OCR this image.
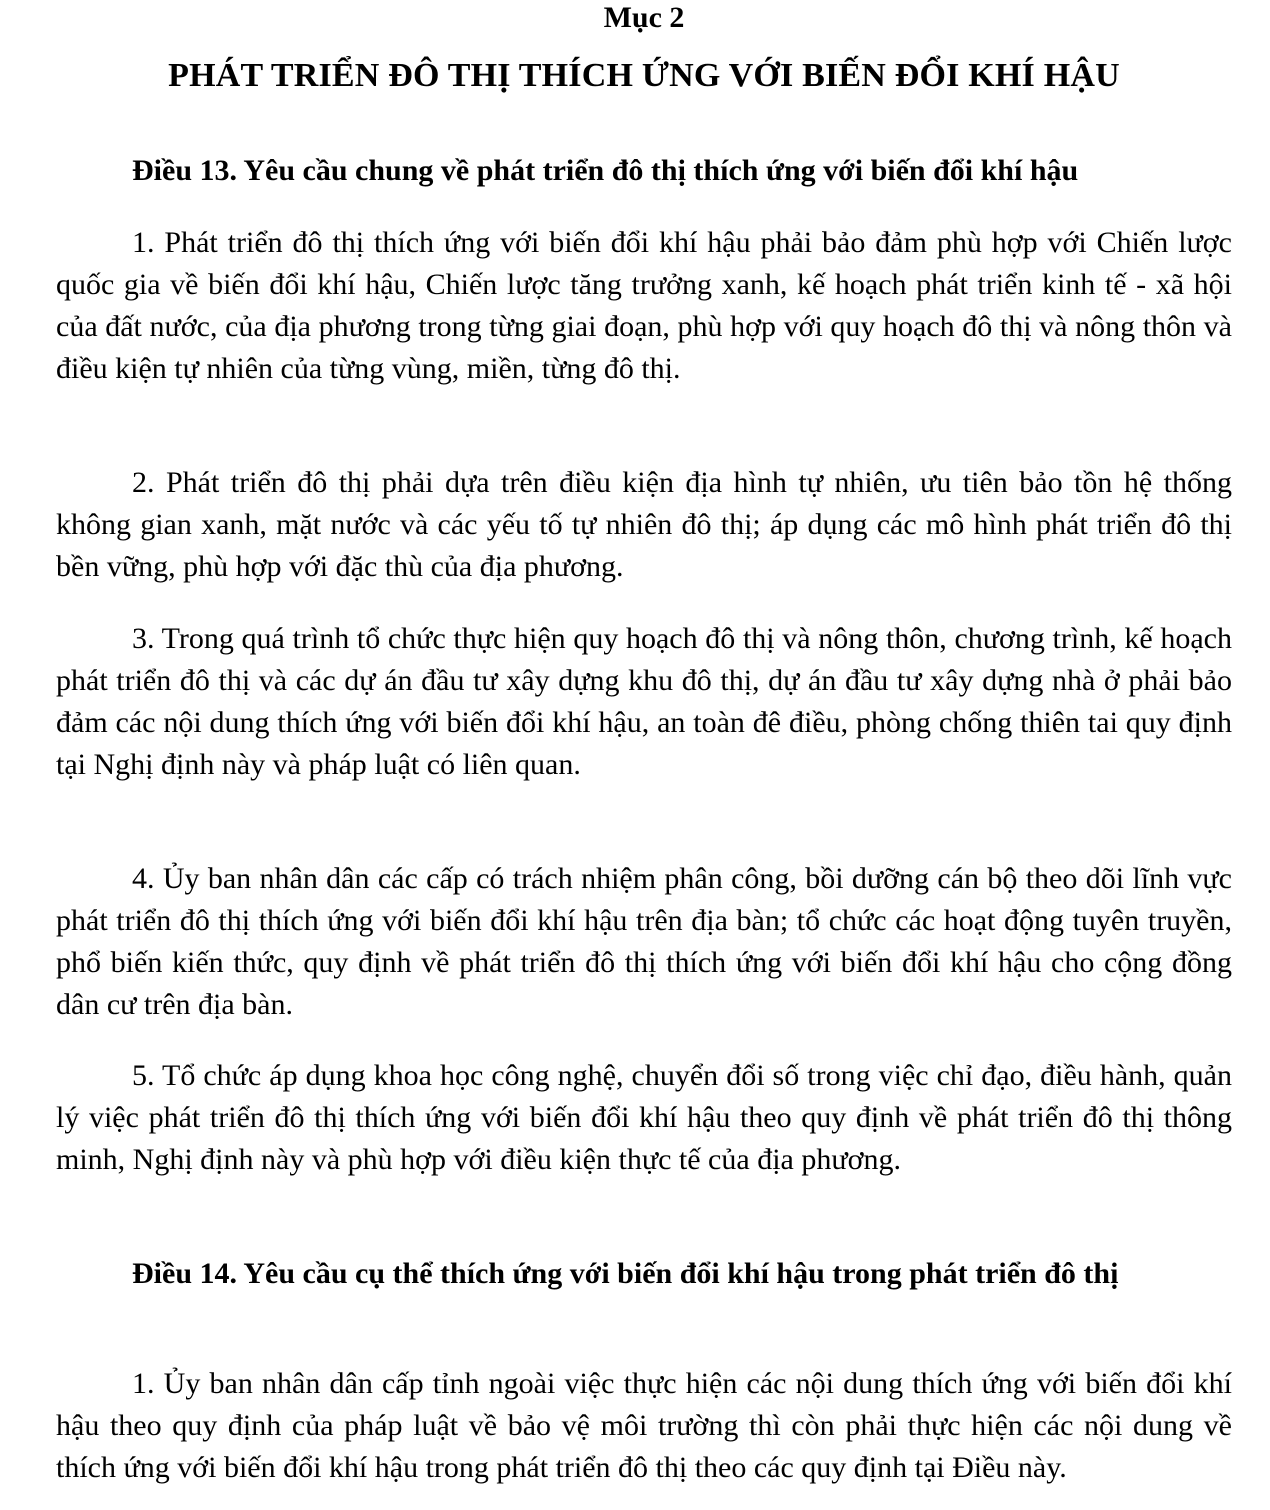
Mục 2
PHÁT TRIỂN ĐÔ THỊ THÍCH ỨNG VỚI BIẾN ĐỔI KHÍ HẬU

Điều 13. Yêu cầu chung về phát triển đô thị thích ứng với biến đổi khí hậu

1. Phát triển đô thị thích ứng với biến đổi khí hậu phải bảo đảm phù hợp với Chiến lược quốc gia về biến đổi khí hậu, Chiến lược tăng trưởng xanh, kế hoạch phát triển kinh tế - xã hội của đất nước, của địa phương trong từng giai đoạn, phù hợp với quy hoạch đô thị và nông thôn và điều kiện tự nhiên của từng vùng, miền, từng đô thị.

2. Phát triển đô thị phải dựa trên điều kiện địa hình tự nhiên, ưu tiên bảo tồn hệ thống không gian xanh, mặt nước và các yếu tố tự nhiên đô thị; áp dụng các mô hình phát triển đô thị bền vững, phù hợp với đặc thù của địa phương.

3. Trong quá trình tổ chức thực hiện quy hoạch đô thị và nông thôn, chương trình, kế hoạch phát triển đô thị và các dự án đầu tư xây dựng khu đô thị, dự án đầu tư xây dựng nhà ở phải bảo đảm các nội dung thích ứng với biến đổi khí hậu, an toàn đê điều, phòng chống thiên tai quy định tại Nghị định này và pháp luật có liên quan.

4. Ủy ban nhân dân các cấp có trách nhiệm phân công, bồi dưỡng cán bộ theo dõi lĩnh vực phát triển đô thị thích ứng với biến đổi khí hậu trên địa bàn; tổ chức các hoạt động tuyên truyền, phổ biến kiến thức, quy định về phát triển đô thị thích ứng với biến đổi khí hậu cho cộng đồng dân cư trên địa bàn.

5. Tổ chức áp dụng khoa học công nghệ, chuyển đổi số trong việc chỉ đạo, điều hành, quản lý việc phát triển đô thị thích ứng với biến đổi khí hậu theo quy định về phát triển đô thị thông minh, Nghị định này và phù hợp với điều kiện thực tế của địa phương.

Điều 14. Yêu cầu cụ thể thích ứng với biến đổi khí hậu trong phát triển đô thị

1. Ủy ban nhân dân cấp tỉnh ngoài việc thực hiện các nội dung thích ứng với biến đổi khí hậu theo quy định của pháp luật về bảo vệ môi trường thì còn phải thực hiện các nội dung về thích ứng với biến đổi khí hậu trong phát triển đô thị theo các quy định tại Điều này.
